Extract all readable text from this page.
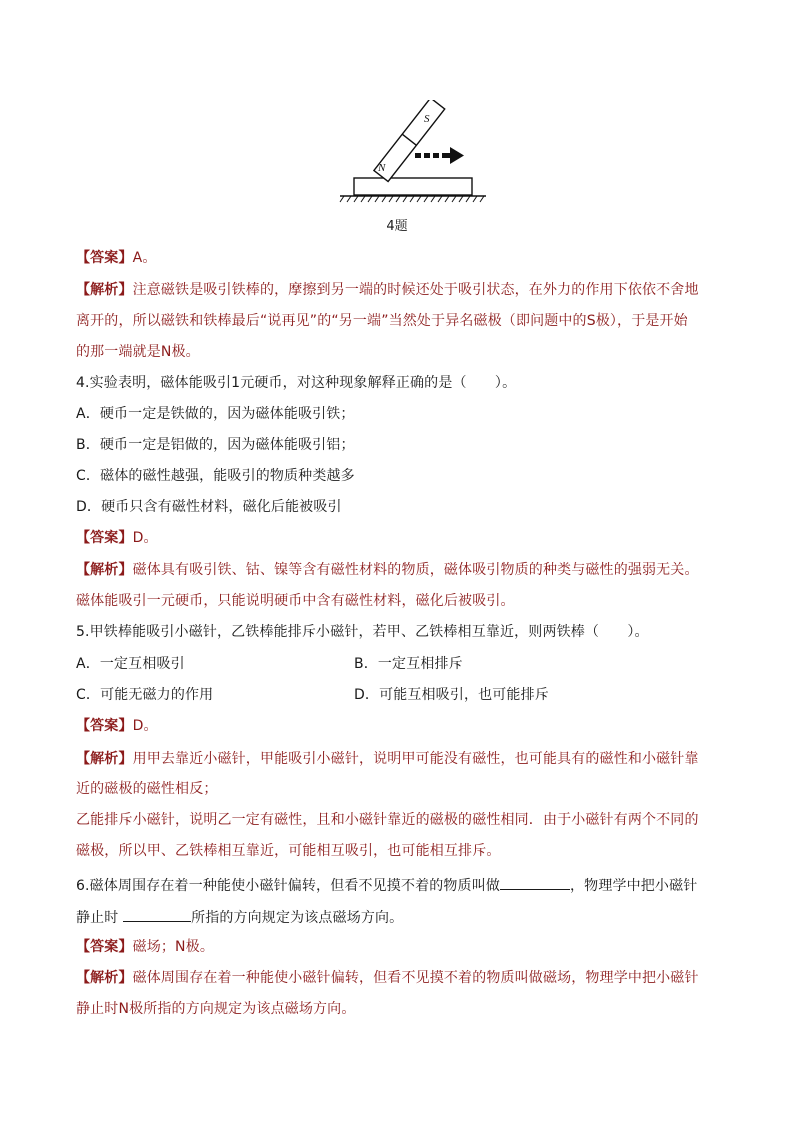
N
S
4题
【答案】A。
【解析】注意磁铁是吸引铁棒的，摩擦到另一端的时候还处于吸引状态，在外力的作用下依依不舍地
离开的，所以磁铁和铁棒最后“说再见”的“另一端”当然处于异名磁极（即问题中的S极），于是开始
的那一端就是N极。
4.实验表明，磁体能吸引1元硬币，对这种现象解释正确的是（　　）。
A．硬币一定是铁做的，因为磁体能吸引铁；
B．硬币一定是铝做的，因为磁体能吸引铝；
C．磁体的磁性越强，能吸引的物质种类越多
D．硬币只含有磁性材料，磁化后能被吸引
【答案】D。
【解析】磁体具有吸引铁、钴、镍等含有磁性材料的物质，磁体吸引物质的种类与磁性的强弱无关。
磁体能吸引一元硬币，只能说明硬币中含有磁性材料，磁化后被吸引。
5.甲铁棒能吸引小磁针，乙铁棒能排斥小磁针，若甲、乙铁棒相互靠近，则两铁棒（　　）。
A．一定互相吸引	B．一定互相排斥
C．可能无磁力的作用	D．可能互相吸引，也可能排斥
【答案】D。
【解析】用甲去靠近小磁针，甲能吸引小磁针，说明甲可能没有磁性，也可能具有的磁性和小磁针靠
近的磁极的磁性相反；
乙能排斥小磁针，说明乙一定有磁性，且和小磁针靠近的磁极的磁性相同．由于小磁针有两个不同的
磁极，所以甲、乙铁棒相互靠近，可能相互吸引，也可能相互排斥。
6.磁体周围存在着一种能使小磁针偏转，但看不见摸不着的物质叫做	，物理学中把小磁针
静止时	所指的方向规定为该点磁场方向。
【答案】磁场；N极。
【解析】磁体周围存在着一种能使小磁针偏转，但看不见摸不着的物质叫做磁场，物理学中把小磁针
静止时N极所指的方向规定为该点磁场方向。
